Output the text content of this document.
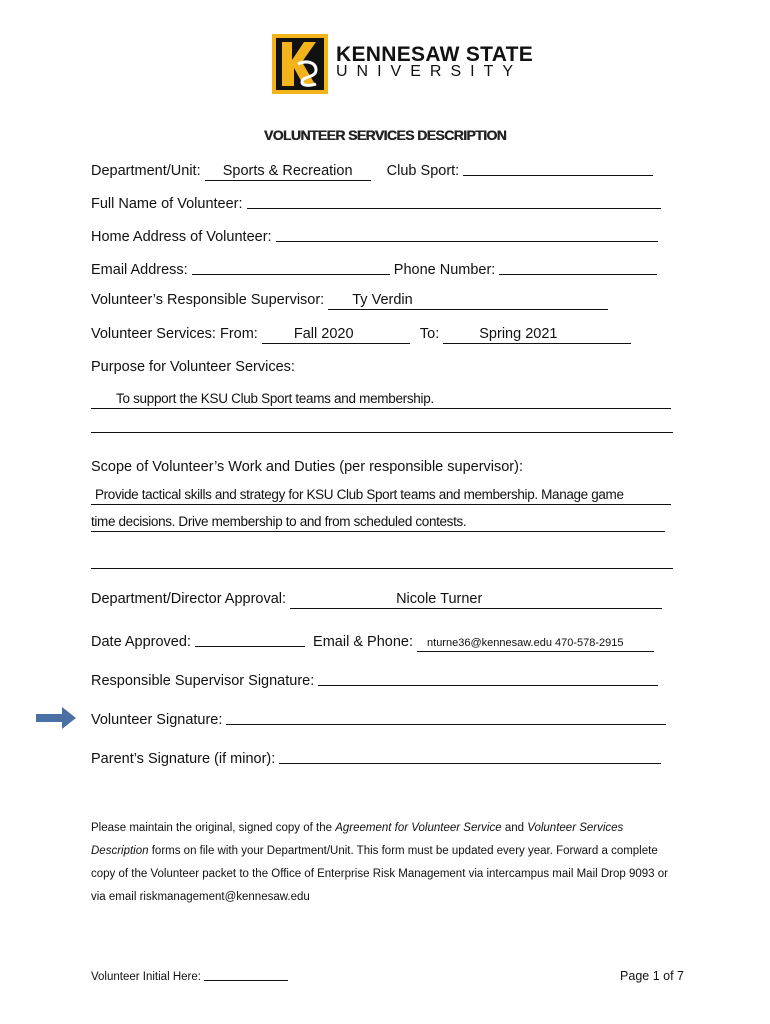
KENNESAW STATE
UNIVERSITY
VOLUNTEER SERVICES DESCRIPTION
Department/Unit: Sports & Recreation Club Sport:
Full Name of Volunteer:
Home Address of Volunteer:
Email Address:	Phone Number:
Volunteer’s Responsible Supervisor: Ty Verdin
Volunteer Services: From: Fall 2020	To:	Spring 2021
Purpose for Volunteer Services:
To support the KSU Club Sport teams and membership.
Scope of Volunteer’s Work and Duties (per responsible supervisor):
Provide tactical skills and strategy for KSU Club Sport teams and membership. Manage game
time decisions. Drive membership to and from scheduled contests.
Department/Director Approval:	Nicole Turner
Date Approved:	Email & Phone: nturne36@kennesaw.edu 470-578-2915
Responsible Supervisor Signature:
Volunteer Signature:
Parent’s Signature (if minor):
Please maintain the original, signed copy of the Agreement for Volunteer Service and Volunteer Services Description forms on file with your Department/Unit. This form must be updated every year. Forward a complete copy of the Volunteer packet to the Office of Enterprise Risk Management via intercampus mail Mail Drop 9093 or via email riskmanagement@kennesaw.edu
Volunteer Initial Here:	Page 1 of 7
